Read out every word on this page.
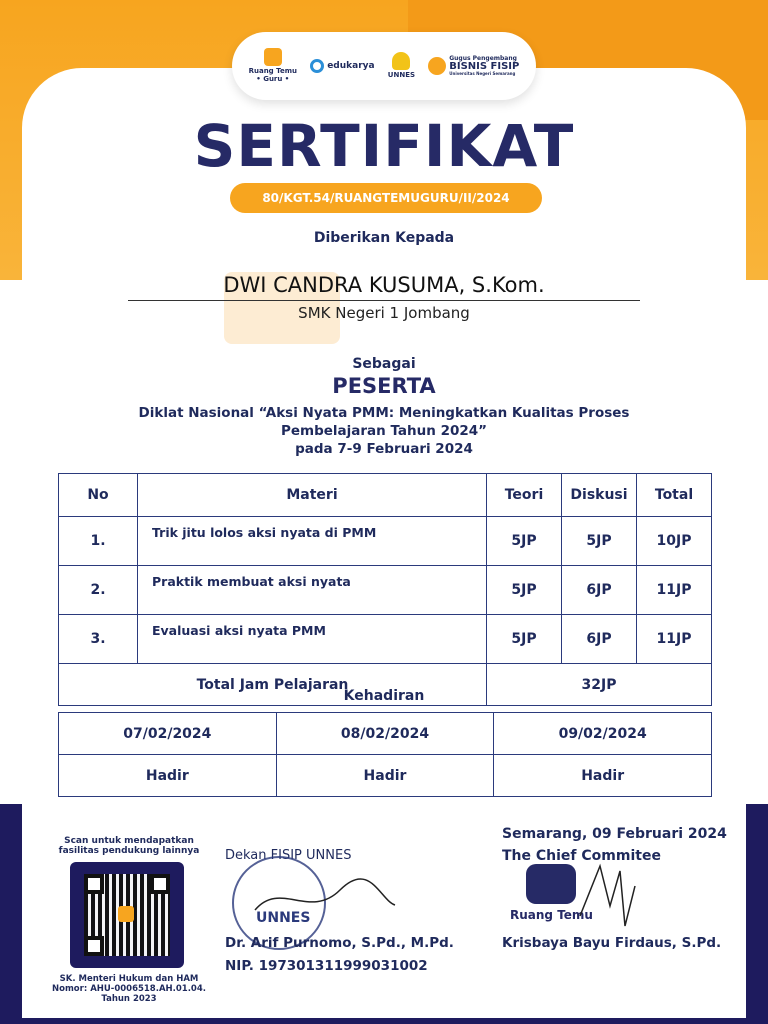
Ruang Temu
• Guru •
edukarya
UNNES
Gugus Pengembang
BISNIS FISIP
Universitas Negeri Semarang
SERTIFIKAT
80/KGT.54/RUANGTEMUGURU/II/2024
Diberikan Kepada
DWI CANDRA KUSUMA, S.Kom.
SMK Negeri 1 Jombang
Sebagai
PESERTA
Diklat Nasional “Aksi Nyata PMM: Meningkatkan Kualitas Proses
Pembelajaran Tahun 2024”
pada 7-9 Februari 2024
No	Materi	Teori	Diskusi	Total
1.	Trik jitu lolos aksi nyata di PMM	5JP	5JP	10JP
2.	Praktik membuat aksi nyata	5JP	6JP	11JP
3.	Evaluasi aksi nyata PMM	5JP	6JP	11JP
Total Jam Pelajaran		32JP		
Kehadiran
07/02/2024	08/02/2024	09/02/2024
Hadir	Hadir	Hadir
Scan untuk mendapatkan fasilitas pendukung lainnya
SK. Menteri Hukum dan HAM
Nomor: AHU-0006518.AH.01.04.
Tahun 2023
Dekan FISIP UNNES
UNNES
Dr. Arif Purnomo, S.Pd., M.Pd.
NIP. 197301311999031002
Semarang, 09 Februari 2024
The Chief Commitee
Ruang Temu
Krisbaya Bayu Firdaus, S.Pd.
